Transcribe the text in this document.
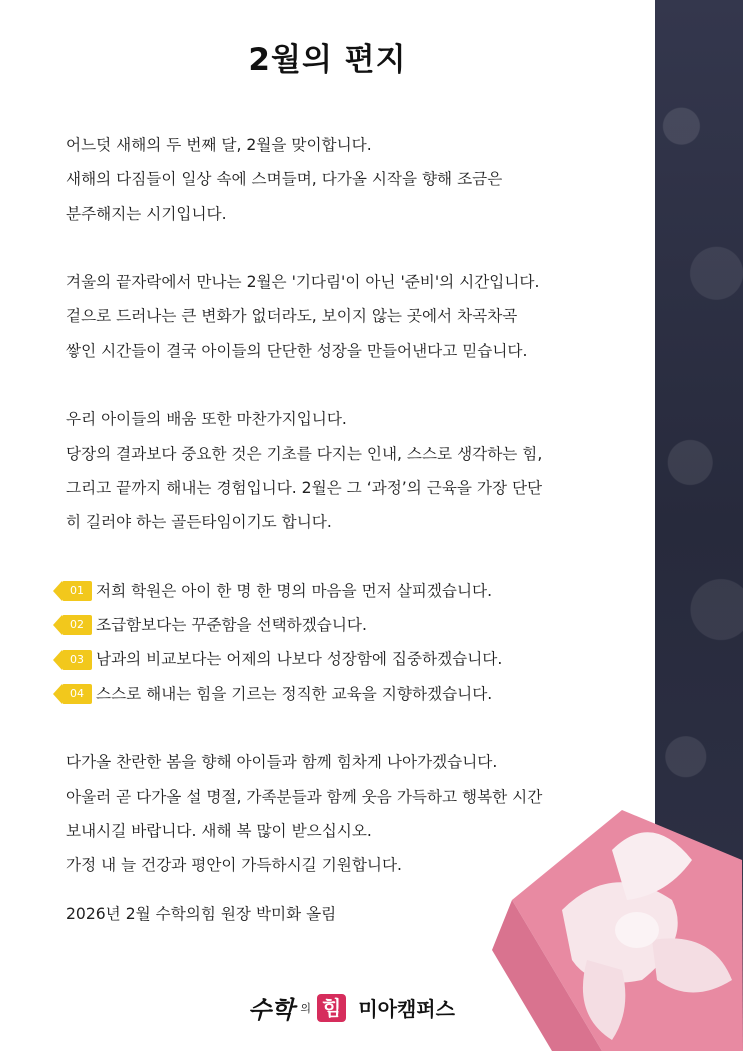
2월의 편지
어느덧 새해의 두 번째 달, 2월을 맞이합니다.
새해의 다짐들이 일상 속에 스며들며, 다가올 시작을 향해 조금은
분주해지는 시기입니다.
겨울의 끝자락에서 만나는 2월은 '기다림'이 아닌 '준비'의 시간입니다.
겉으로 드러나는 큰 변화가 없더라도, 보이지 않는 곳에서 차곡차곡
쌓인 시간들이 결국 아이들의 단단한 성장을 만들어낸다고 믿습니다.
우리 아이들의 배움 또한 마찬가지입니다.
당장의 결과보다 중요한 것은 기초를 다지는 인내, 스스로 생각하는 힘,
그리고 끝까지 해내는 경험입니다. 2월은 그 ‘과정’의 근육을 가장 단단
히 길러야 하는 골든타임이기도 합니다.
01 저희 학원은 아이 한 명 한 명의 마음을 먼저 살피겠습니다.
02 조급함보다는 꾸준함을 선택하겠습니다.
03 남과의 비교보다는 어제의 나보다 성장함에 집중하겠습니다.
04 스스로 해내는 힘을 기르는 정직한 교육을 지향하겠습니다.
다가올 찬란한 봄을 향해 아이들과 함께 힘차게 나아가겠습니다.
아울러 곧 다가올 설 명절, 가족분들과 함께 웃음 가득하고 행복한 시간
보내시길 바랍니다. 새해 복 많이 받으십시오.
가정 내 늘 건강과 평안이 가득하시길 기원합니다.
2026년 2월 수학의힘 원장 박미화 올림
수학 의 힘 미아캠퍼스
